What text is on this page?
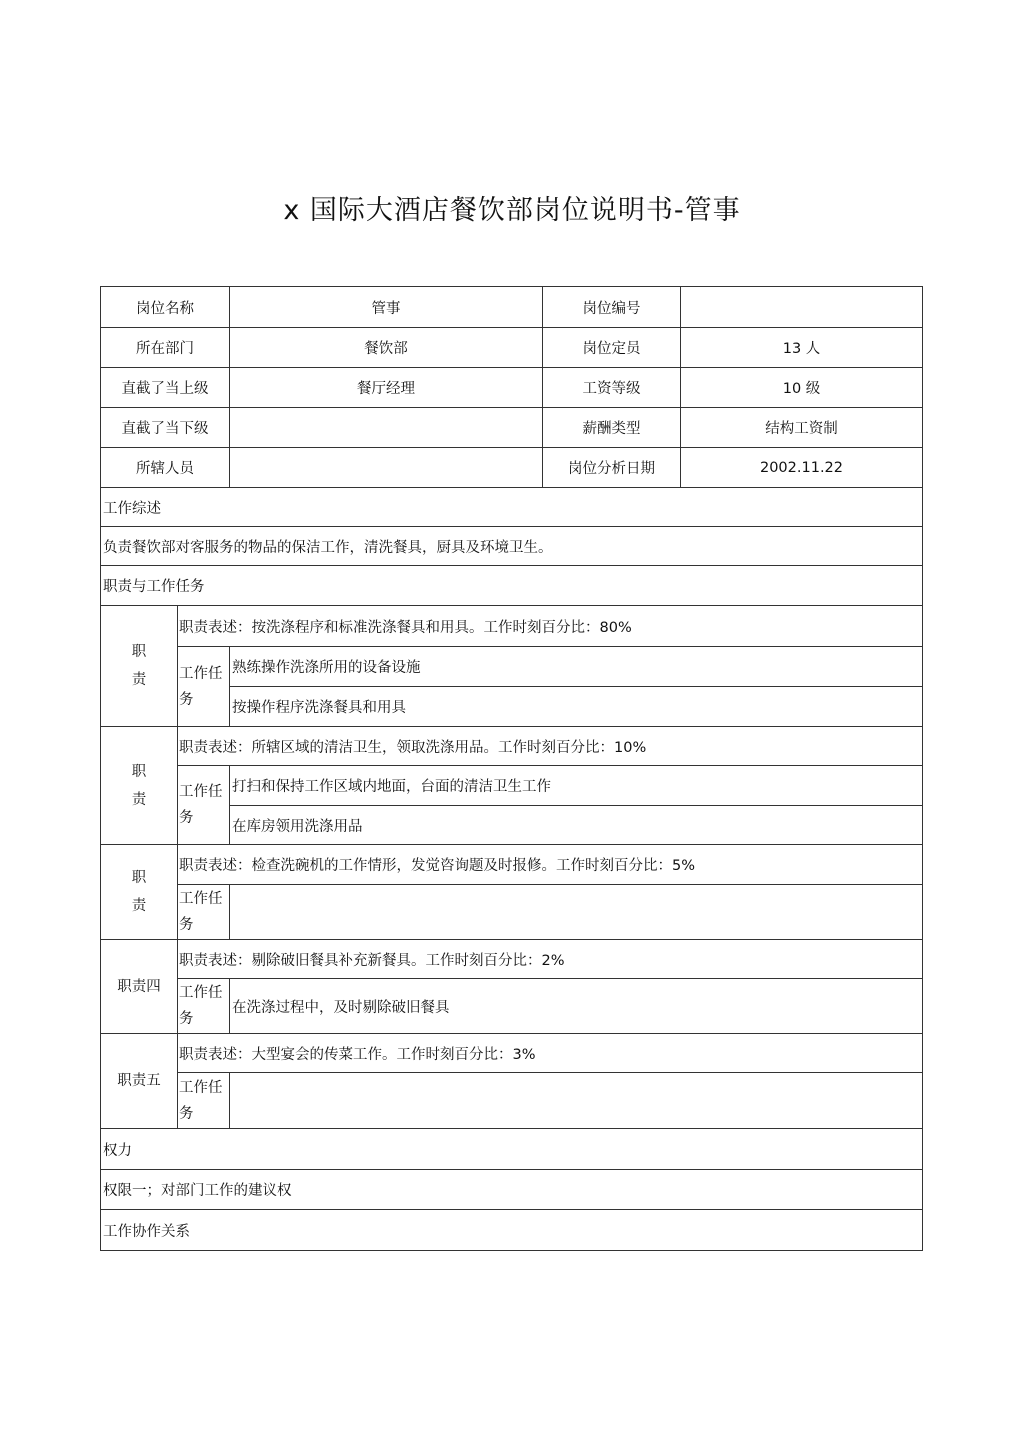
x 国际大酒店餐饮部岗位说明书-管事
岗位名称		管事	岗位编号	
所在部门		餐饮部	岗位定员	13 人
直截了当上级		餐厅经理	工资等级	10 级
直截了当下级			薪酬类型	结构工资制
所辖人员			岗位分析日期	2002.11.22
工作综述				
负责餐饮部对客服务的物品的保洁工作，清洗餐具，厨具及环境卫生。				
职责与工作任务				

职
责	职责表述：按洗涤程序和标准洗涤餐具和用具。工作时刻百分比：80%			

	工作任
务	熟练操作洗涤所用的设备设施		
		按操作程序洗涤餐具和用具		

职
责	职责表述：所辖区域的清洁卫生，领取洗涤用品。工作时刻百分比：10%			

	工作任
务	打扫和保持工作区域内地面，台面的清洁卫生工作		
		在库房领用洗涤用品		

职
责	职责表述：检查洗碗机的工作情形，发觉咨询题及时报修。工作时刻百分比：5%			

	工作任
务			

职责四	职责表述：剔除破旧餐具补充新餐具。工作时刻百分比：2%			

	工作任
务	在洗涤过程中，及时剔除破旧餐具		

职责五	职责表述：大型宴会的传菜工作。工作时刻百分比：3%			

	工作任
务			

权力				
权限一；对部门工作的建议权				
工作协作关系				
